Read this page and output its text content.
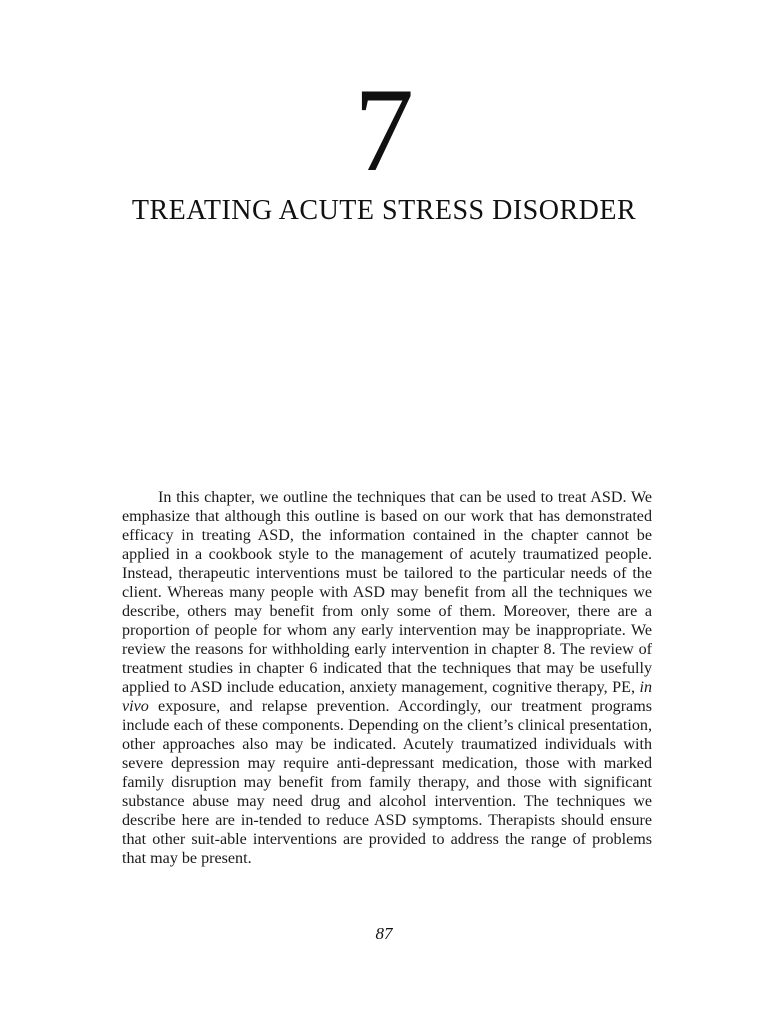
7
TREATING ACUTE STRESS DISORDER

In this chapter, we outline the techniques that can be used to treat ASD. We emphasize that although this outline is based on our work that has demonstrated efficacy in treating ASD, the information contained in the chapter cannot be applied in a cookbook style to the management of acutely traumatized people. Instead, therapeutic interventions must be tailored to the particular needs of the client. Whereas many people with ASD may benefit from all the techniques we describe, others may benefit from only some of them. Moreover, there are a proportion of people for whom any early intervention may be inappropriate. We review the reasons for withholding early intervention in chapter 8. The review of treatment studies in chapter 6 indicated that the techniques that may be usefully applied to ASD include education, anxiety management, cognitive therapy, PE, in vivo exposure, and relapse prevention. Accordingly, our treatment programs include each of these components. Depending on the client’s clinical presentation, other approaches also may be indicated. Acutely traumatized individuals with severe depression may require anti-depressant medication, those with marked family disruption may benefit from family therapy, and those with significant substance abuse may need drug and alcohol intervention. The techniques we describe here are in-tended to reduce ASD symptoms. Therapists should ensure that other suit-able interventions are provided to address the range of problems that may be present.

87
